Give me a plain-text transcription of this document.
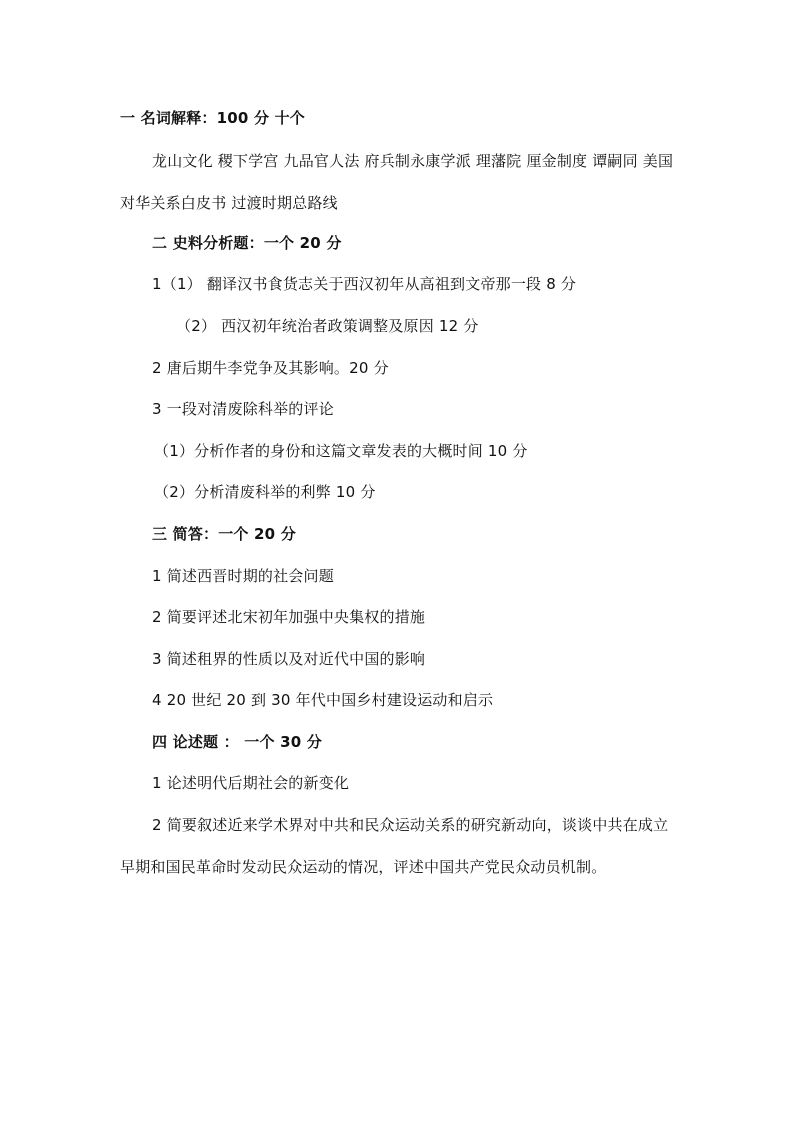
一 名词解释：100 分 十个
龙山文化 稷下学宫 九品官人法 府兵制永康学派 理藩院 厘金制度 谭嗣同 美国对华关系白皮书 过渡时期总路线
二 史料分析题：一个 20 分
1（1） 翻译汉书食货志关于西汉初年从高祖到文帝那一段 8 分
（2） 西汉初年统治者政策调整及原因 12 分
2 唐后期牛李党争及其影响。20 分
3 一段对清废除科举的评论
（1）分析作者的身份和这篇文章发表的大概时间 10 分
（2）分析清废科举的利弊 10 分
三 简答：一个 20 分
1 简述西晋时期的社会问题
2 简要评述北宋初年加强中央集权的措施
3 简述租界的性质以及对近代中国的影响
4 20 世纪 20 到 30 年代中国乡村建设运动和启示
四 论述题 ： 一个 30 分
1 论述明代后期社会的新变化
2 简要叙述近来学术界对中共和民众运动关系的研究新动向，谈谈中共在成立早期和国民革命时发动民众运动的情况，评述中国共产党民众动员机制。
